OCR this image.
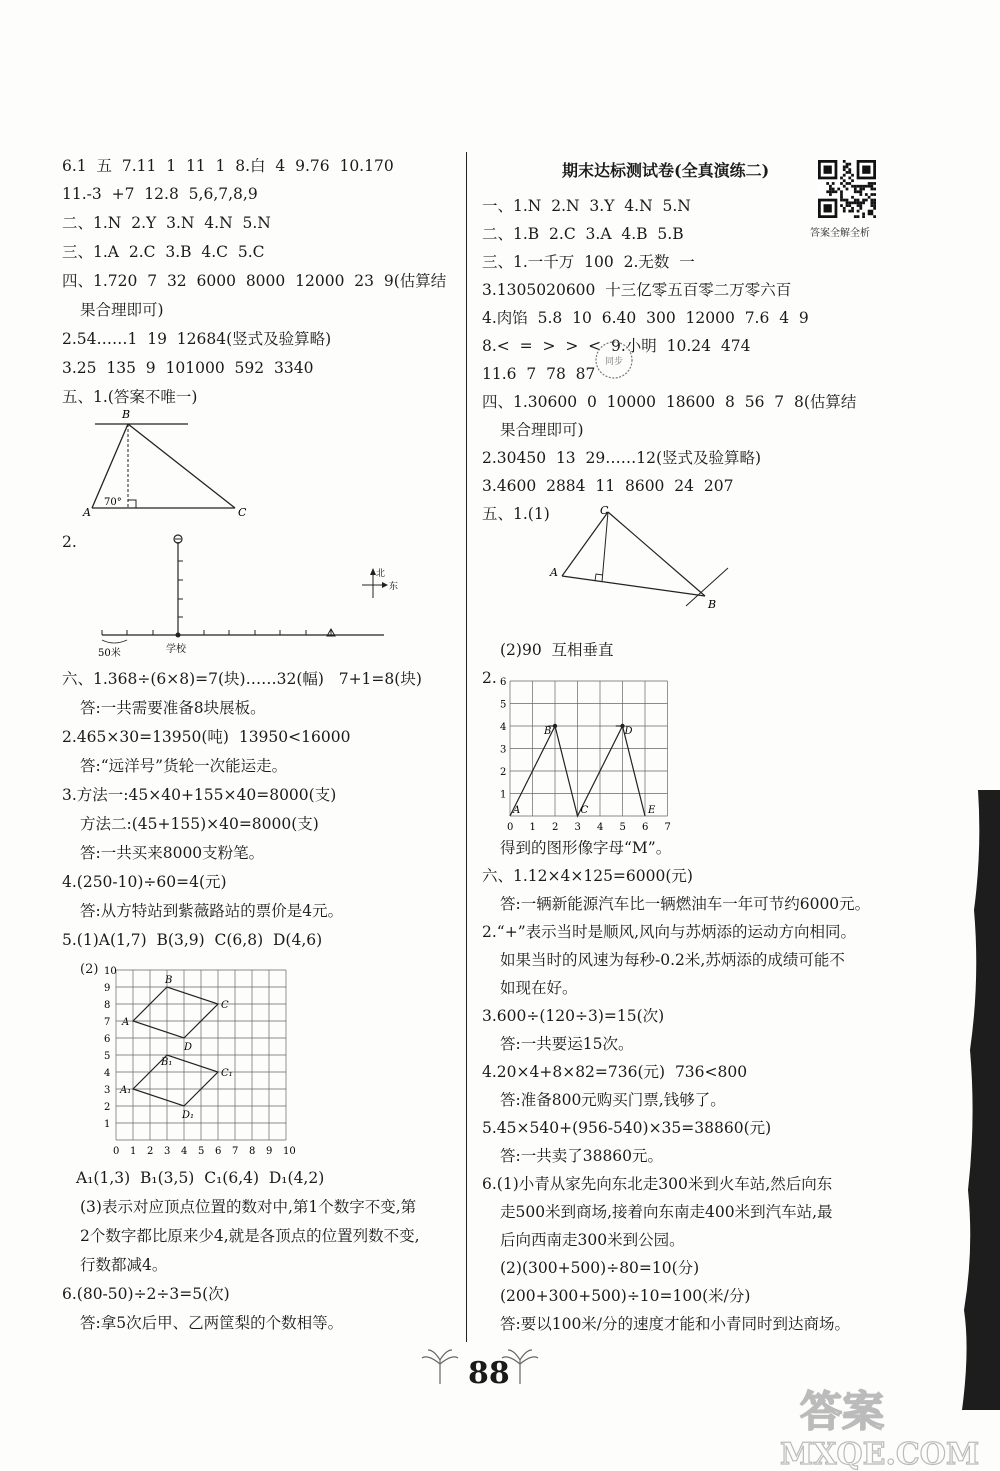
6.1  五  7.11  1  11  1  8.白  4  9.76  10.170
11.-3  +7  12.8  5,6,7,8,9
二、1.N  2.Y  3.N  4.N  5.N
三、1.A  2.C  3.B  4.C  5.C
四、1.720  7  32  6000  8000  12000  23  9(估算结
果合理即可)
2.54……1  19  12684(竖式及验算略)
3.25  135  9  101000  592  3340
五、1.(答案不唯一)
B
A	C
70°
2.
50米	学校
北
东
六、1.368÷(6×8)=7(块)……32(幅)   7+1=8(块)
答:一共需要准备8块展板。
2.465×30=13950(吨)  13950<16000
答:“远洋号”货轮一次能运走。
3.方法一:45×40+155×40=8000(支)
方法二:(45+155)×40=8000(支)
答:一共买来8000支粉笔。
4.(250-10)÷60=4(元)
答:从方特站到紫薇路站的票价是4元。
5.(1)A(1,7)  B(3,9)  C(6,8)  D(4,6)
(2)
0 1
1
2
2
3
3
4
4
5
5
6
6
7
7
8
8
9
9
10
10
A
B
C
D
A₁
B₁
C₁
D₁
A₁(1,3)  B₁(3,5)  C₁(6,4)  D₁(4,2)
(3)表示对应顶点位置的数对中,第1个数字不变,第
2个数字都比原来少4,就是各顶点的位置列数不变,
行数都减4。
6.(80-50)÷2÷3=5(次)
答:拿5次后甲、乙两筐梨的个数相等。
期末达标测试卷(全真演练二)
答案全解全析
一、1.N  2.N  3.Y  4.N  5.N
二、1.B  2.C  3.A  4.B  5.B
三、1.一千万  100  2.无数  一
3.1305020600  十三亿零五百零二万零六百
4.肉馅  5.8  10  6.40  300  12000  7.6  4  9
8.<  =  >  >  <  9.小明  10.24  474
11.6  7  78  87
四、1.30600  0  10000  18600  8  56  7  8(估算结
果合理即可)
2.30450  13  29……12(竖式及验算略)
3.4600  2884  11  8600  24  207
五、1.(1)
同步
C
A
B
(2)90  互相垂直
2.
0 1 2 3 4 5 6 7
1
2
3
4
5
6
A
B
C
D
E
得到的图形像字母“M”。
六、1.12×4×125=6000(元)
答:一辆新能源汽车比一辆燃油车一年可节约6000元。
2.“+”表示当时是顺风,风向与苏炳添的运动方向相同。
如果当时的风速为每秒-0.2米,苏炳添的成绩可能不
如现在好。
3.600÷(120÷3)=15(次)
答:一共要运15次。
4.20×4+8×82=736(元)  736<800
答:准备800元购买门票,钱够了。
5.45×540+(956-540)×35=38860(元)
答:一共卖了38860元。
6.(1)小青从家先向东北走300米到火车站,然后向东
走500米到商场,接着向东南走400米到汽车站,最
后向西南走300米到公园。
(2)(300+500)÷80=10(分)
(200+300+500)÷10=100(米/分)
答:要以100米/分的速度才能和小青同时到达商场。
88
答案
MXQE.COM
